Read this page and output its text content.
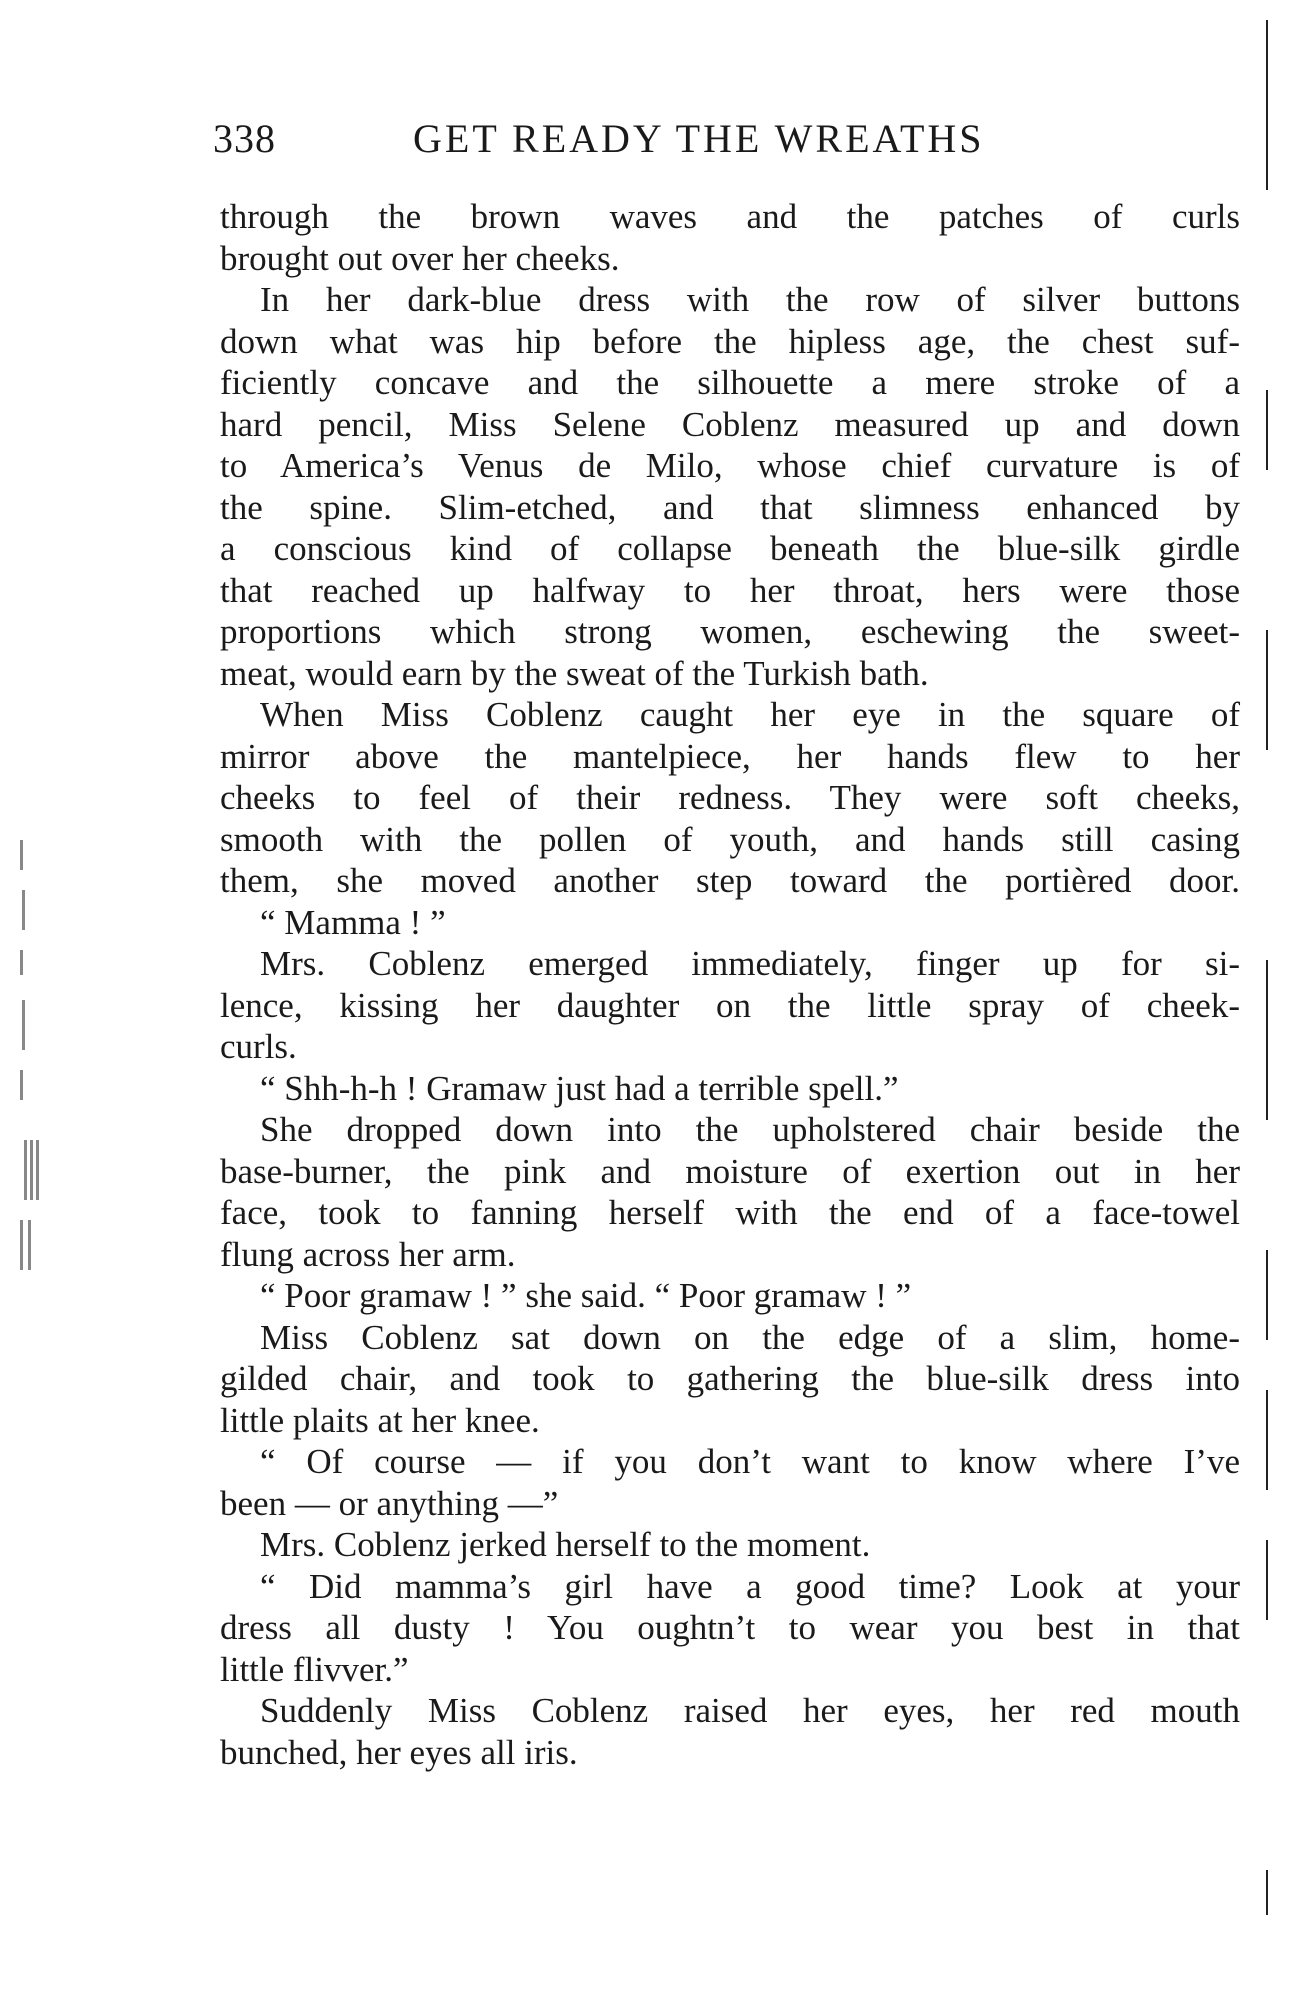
338	GET READY THE WREATHS
through the brown waves and the patches of curls
brought out over her cheeks.
In her dark-blue dress with the row of silver buttons
down what was hip before the hipless age, the chest suf-
ficiently concave and the silhouette a mere stroke of a
hard pencil, Miss Selene Coblenz measured up and down
to America’s Venus de Milo, whose chief curvature is of
the spine. Slim-etched, and that slimness enhanced by
a conscious kind of collapse beneath the blue-silk girdle
that reached up halfway to her throat, hers were those
proportions which strong women, eschewing the sweet-
meat, would earn by the sweat of the Turkish bath.
When Miss Coblenz caught her eye in the square of
mirror above the mantelpiece, her hands flew to her
cheeks to feel of their redness. They were soft cheeks,
smooth with the pollen of youth, and hands still casing
them, she moved another step toward the portièred door.
“ Mamma ! ”
Mrs. Coblenz emerged immediately, finger up for si-
lence, kissing her daughter on the little spray of cheek-
curls.
“ Shh-h-h ! Gramaw just had a terrible spell.”
She dropped down into the upholstered chair beside the
base-burner, the pink and moisture of exertion out in her
face, took to fanning herself with the end of a face-towel
flung across her arm.
“ Poor gramaw ! ” she said. “ Poor gramaw ! ”
Miss Coblenz sat down on the edge of a slim, home-
gilded chair, and took to gathering the blue-silk dress into
little plaits at her knee.
“ Of course — if you don’t want to know where I’ve
been — or anything —”
Mrs. Coblenz jerked herself to the moment.
“ Did mamma’s girl have a good time? Look at your
dress all dusty ! You oughtn’t to wear you best in that
little flivver.”
Suddenly Miss Coblenz raised her eyes, her red mouth
bunched, her eyes all iris.
